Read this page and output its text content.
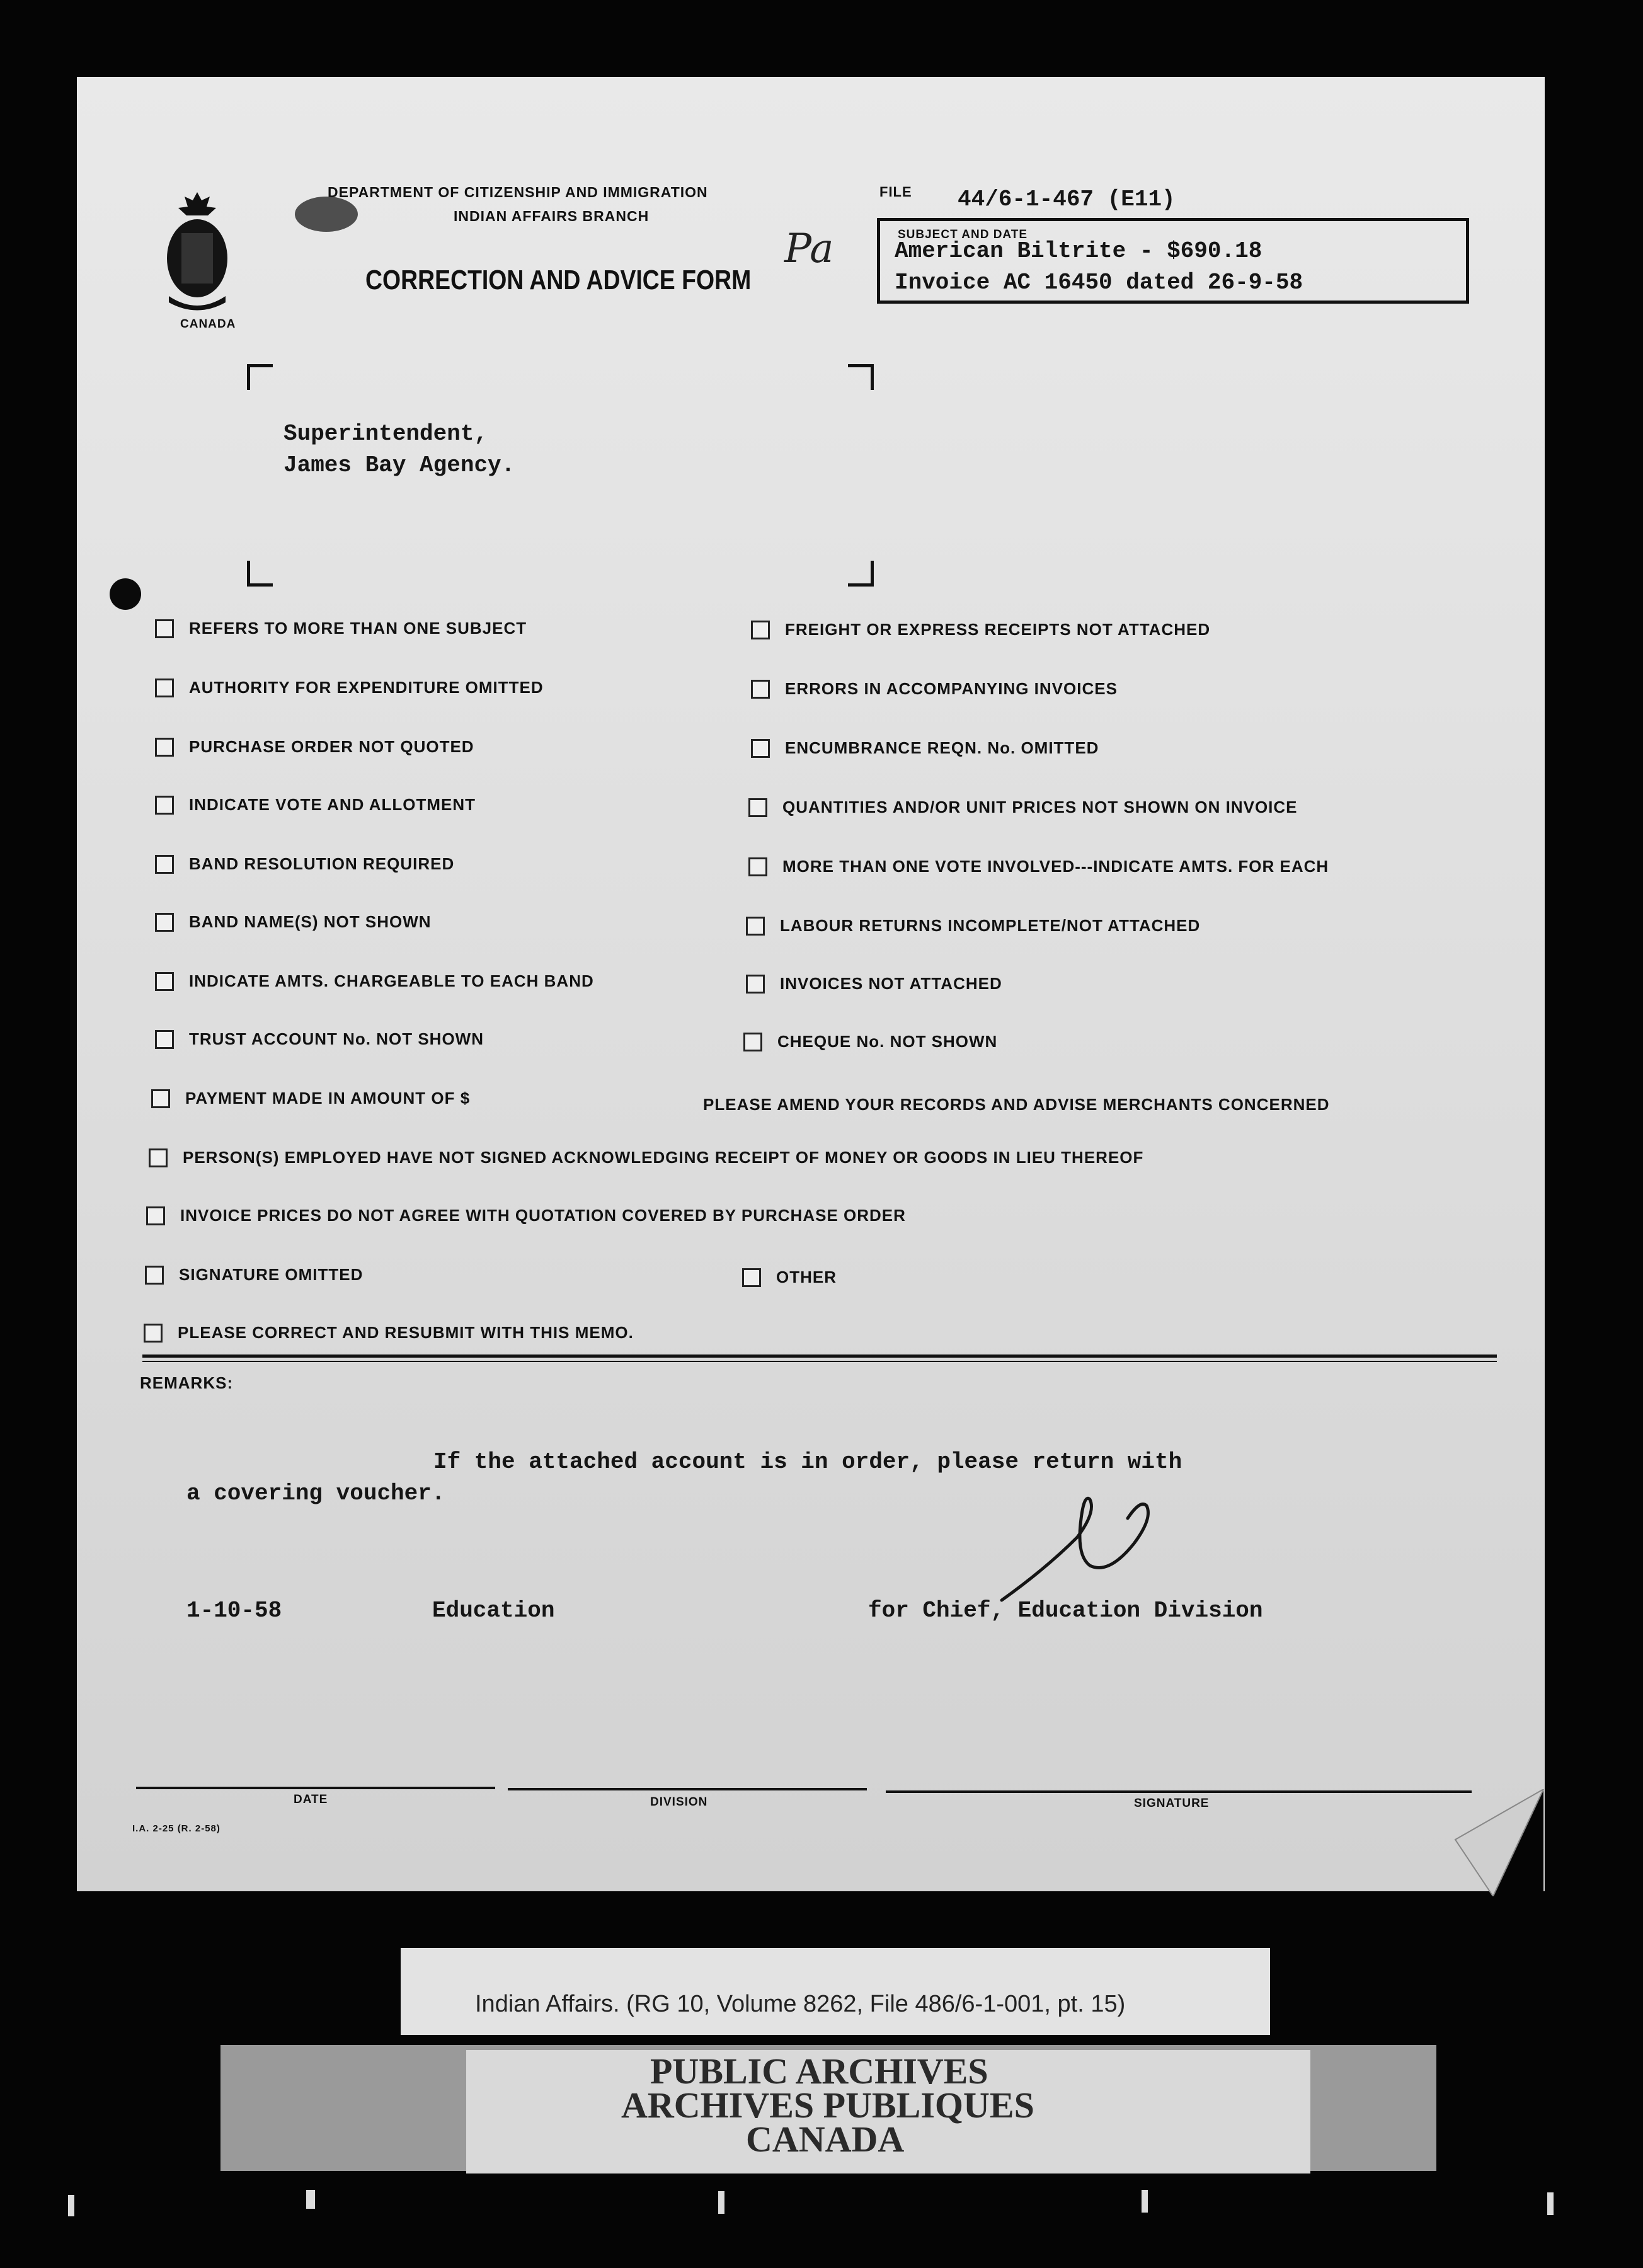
CANADA
DEPARTMENT OF CITIZENSHIP AND IMMIGRATION
INDIAN AFFAIRS BRANCH
CORRECTION AND ADVICE FORM
Pa
FILE 44/6-1-467 (E11)
SUBJECT AND DATE
American Biltrite - $690.18
Invoice AC 16450 dated 26-9-58
Superintendent,
James Bay Agency.
REFERS TO MORE THAN ONE SUBJECT
AUTHORITY FOR EXPENDITURE OMITTED
PURCHASE ORDER NOT QUOTED
INDICATE VOTE AND ALLOTMENT
BAND RESOLUTION REQUIRED
BAND NAME(S) NOT SHOWN
INDICATE AMTS. CHARGEABLE TO EACH BAND
TRUST ACCOUNT No. NOT SHOWN
FREIGHT OR EXPRESS RECEIPTS NOT ATTACHED
ERRORS IN ACCOMPANYING INVOICES
ENCUMBRANCE REQN. No. OMITTED
QUANTITIES AND/OR UNIT PRICES NOT SHOWN ON INVOICE
MORE THAN ONE VOTE INVOLVED---INDICATE AMTS. FOR EACH
LABOUR RETURNS INCOMPLETE/NOT ATTACHED
INVOICES NOT ATTACHED
CHEQUE No. NOT SHOWN
PAYMENT MADE IN AMOUNT OF $	PLEASE AMEND YOUR RECORDS AND ADVISE MERCHANTS CONCERNED
PERSON(S) EMPLOYED HAVE NOT SIGNED ACKNOWLEDGING RECEIPT OF MONEY OR GOODS IN LIEU THEREOF
INVOICE PRICES DO NOT AGREE WITH QUOTATION COVERED BY PURCHASE ORDER
SIGNATURE OMITTED	OTHER
PLEASE CORRECT AND RESUBMIT WITH THIS MEMO.
REMARKS:
If the attached account is in order, please return with
a covering voucher.
1-10-58	Education	for Chief, Education Division
DATE	DIVISION	SIGNATURE
I.A. 2-25 (R. 2-58)
Indian Affairs. (RG 10, Volume 8262, File 486/6-1-001, pt. 15)
PUBLIC ARCHIVES
ARCHIVES PUBLIQUES
CANADA
